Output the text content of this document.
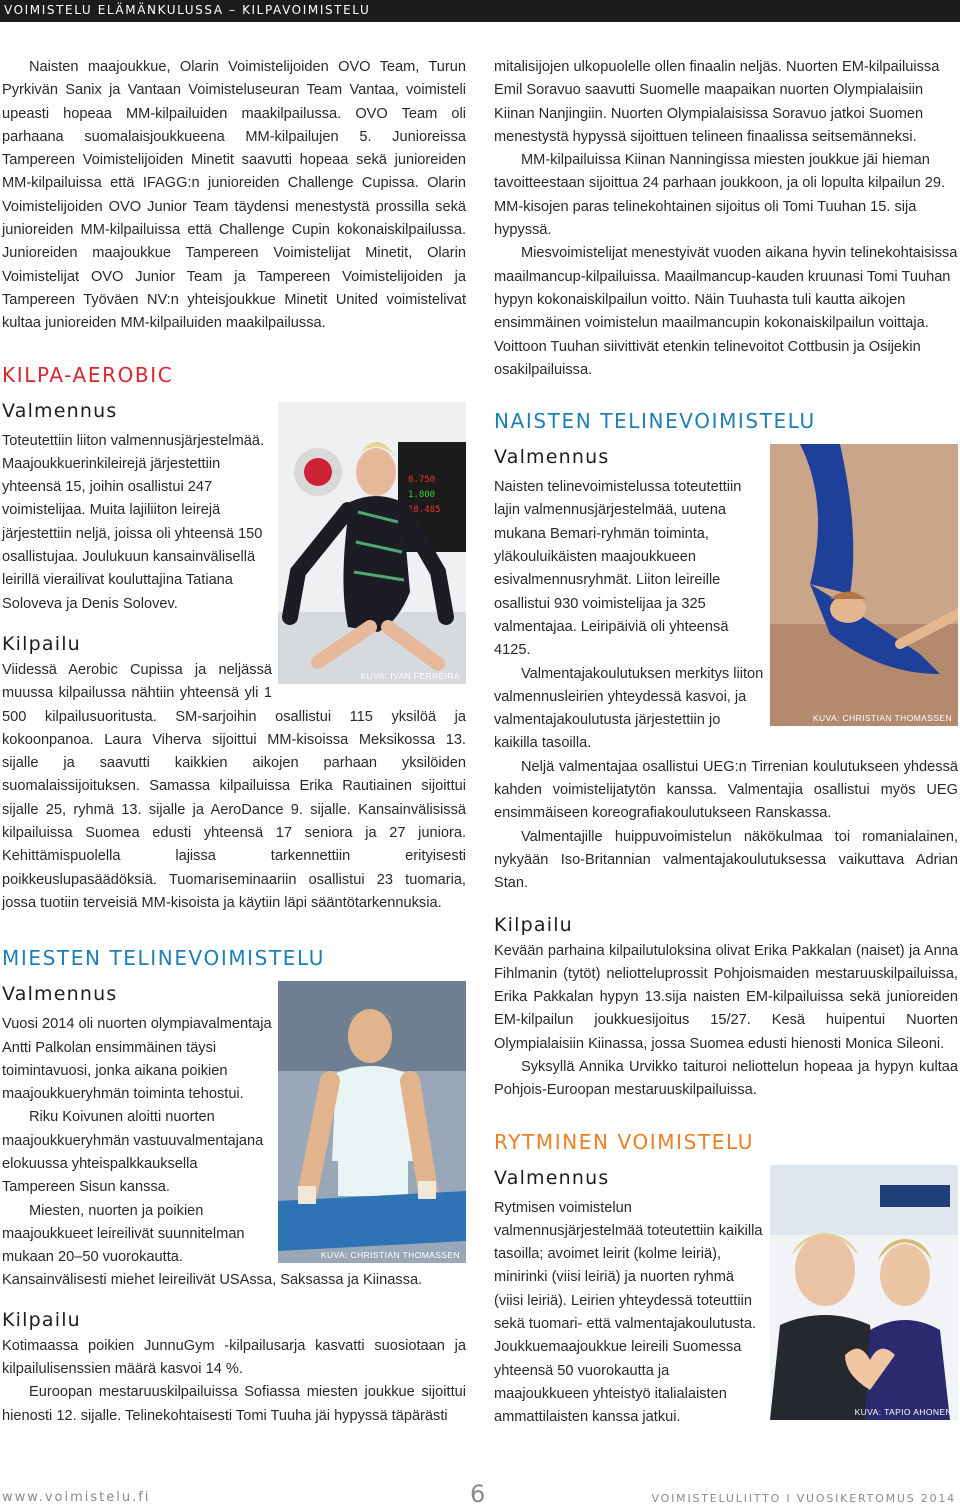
VOIMISTELU ELÄMÄNKULUSSA – KILPAVOIMISTELU

Naisten maajoukkue, Olarin Voimistelijoiden OVO Team, Turun Pyrkivän Sanix ja Vantaan Voimisteluseuran Team Vantaa, voimisteli upeasti hopeaa MM-kilpailuiden maakilpailussa. OVO Team oli parhaana suomalaisjoukkueena MM-kilpailujen 5. Junioreissa Tampereen Voimistelijoiden Minetit saavutti hopeaa sekä junioreiden MM-kilpailuissa että IFAGG:n junioreiden Challenge Cupissa. Olarin Voimistelijoiden OVO Junior Team täydensi menestystä prossilla sekä junioreiden MM-kilpailuissa että Challenge Cupin kokonaiskilpailussa. Junioreiden maajoukkue Tampereen Voimistelijat Minetit, Olarin Voimistelijat OVO Junior Team ja Tampereen Voimistelijoiden ja Tampereen Työväen NV:n yhteisjoukkue Minetit United voimistelivat kultaa junioreiden MM-kilpailuiden maakilpailussa.

KILPA-AEROBIC
Valmennus
8.750
1.800
18.485
KUVA: IVAN FERREIRA

Toteutettiin liiton valmennusjärjestelmää. Maajoukkuerinkileirejä järjestettiin yhteensä 15, joihin osallistui 247 voimistelijaa. Muita lajiliiton leirejä järjestettiin neljä, joissa oli yhteensä 150 osallistujaa. Joulukuun kansainvälisellä leirillä vierailivat kouluttajina Tatiana Soloveva ja Denis Solovev.

Kilpailu

Viidessä Aerobic Cupissa ja neljässä muussa kilpailussa nähtiin yhteensä yli 1 500 kilpailusuoritusta. SM-sarjoihin osallistui 115 yksilöä ja kokoonpanoa. Laura Viherva sijoittui MM-kisoissa Meksikossa 13. sijalle ja saavutti kaikkien aikojen parhaan yksilöiden suomalaissijoituksen. Samassa kilpailuissa Erika Rautiainen sijoittui sijalle 25, ryhmä 13. sijalle ja AeroDance 9. sijalle. Kansainvälisissä kilpailuissa Suomea edusti yhteensä 17 seniora ja 27 juniora. Kehittämispuolella lajissa tarkennettiin erityisesti poikkeuslupasäädöksiä. Tuomariseminaariin osallistui 23 tuomaria, jossa tuotiin terveisiä MM-kisoista ja käytiin läpi sääntötarkennuksia.

MIESTEN TELINEVOIMISTELU
Valmennus
KUVA: CHRISTIAN THOMASSEN

Vuosi 2014 oli nuorten olympiavalmentaja Antti Palkolan ensimmäinen täysi toimintavuosi, jonka aikana poikien maajoukkueryhmän toiminta tehostui.

Riku Koivunen aloitti nuorten maajoukkueryhmän vastuuvalmentajana elokuussa yhteispalkkauksella Tampereen Sisun kanssa.

Miesten, nuorten ja poikien maajoukkueet leireilivät suunnitelman mukaan 20–50 vuorokautta. Kansainvälisesti miehet leireilivät USAssa, Saksassa ja Kiinassa.

Kilpailu

Kotimaassa poikien JunnuGym -kilpailusarja kasvatti suosiotaan ja kilpailulisenssien määrä kasvoi 14 %.

Euroopan mestaruuskilpailuissa Sofiassa miesten joukkue sijoittui hienosti 12. sijalle. Telinekohtaisesti Tomi Tuuha jäi hypyssä täpärästi

mitalisijojen ulkopuolelle ollen finaalin neljäs. Nuorten EM-kilpailuissa Emil Soravuo saavutti Suomelle maapaikan nuorten Olympialaisiin Kiinan Nanjingiin. Nuorten Olympialaisissa Soravuo jatkoi Suomen menestystä hypyssä sijoittuen telineen finaalissa seitsemänneksi.

MM-kilpailuissa Kiinan Nanningissa miesten joukkue jäi hieman tavoitteestaan sijoittua 24 parhaan joukkoon, ja oli lopulta kilpailun 29. MM-kisojen paras telinekohtainen sijoitus oli Tomi Tuuhan 15. sija hypyssä.

Miesvoimistelijat menestyivät vuoden aikana hyvin telinekohtaisissa maailmancup-kilpailuissa. Maailmancup-kauden kruunasi Tomi Tuuhan hypyn kokonaiskilpailun voitto. Näin Tuuhasta tuli kautta aikojen ensimmäinen voimistelun maailmancupin kokonaiskilpailun voittaja. Voittoon Tuuhan siivittivät etenkin telinevoitot Cottbusin ja Osijekin osakilpailuissa.

NAISTEN TELINEVOIMISTELU
Valmennus
KUVA: CHRISTIAN THOMASSEN

Naisten telinevoimistelussa toteutettiin lajin valmennusjärjestelmää, uutena mukana Bemari-ryhmän toiminta, yläkouluikäisten maajoukkueen esivalmennusryhmät. Liiton leireille osallistui 930 voimistelijaa ja 325 valmentajaa. Leiripäiviä oli yhteensä 4125.

Valmentajakoulutuksen merkitys liiton valmennusleirien yhteydessä kasvoi, ja valmentajakoulutusta järjestettiin jo kaikilla tasoilla.

Neljä valmentajaa osallistui UEG:n Tirrenian koulutukseen yhdessä kahden voimistelijatytön kanssa. Valmentajia osallistui myös UEG ensimmäiseen koreografiakoulutukseen Ranskassa.

Valmentajille huippuvoimistelun näkökulmaa toi romanialainen, nykyään Iso-Britannian valmentajakoulutuksessa vaikuttava Adrian Stan.

Kilpailu

Kevään parhaina kilpailutuloksina olivat Erika Pakkalan (naiset) ja Anna Fihlmanin (tytöt) neliotteluprossit Pohjoismaiden mestaruuskilpailuissa, Erika Pakkalan hypyn 13.sija naisten EM-kilpailuissa sekä junioreiden EM-kilpailun joukkuesijoitus 15/27. Kesä huipentui Nuorten Olympialaisiin Kiinassa, jossa Suomea edusti hienosti Monica Sileoni.

Syksyllä Annika Urvikko taituroi neliottelun hopeaa ja hypyn kultaa Pohjois-Euroopan mestaruuskilpailuissa.

RYTMINEN VOIMISTELU
Valmennus
KUVA: TAPIO AHONEN

Rytmisen voimistelun valmennusjärjestelmää toteutettiin kaikilla tasoilla; avoimet leirit (kolme leiriä), minirinki (viisi leiriä) ja nuorten ryhmä (viisi leiriä). Leirien yhteydessä toteuttiin sekä tuomari- että valmentajakoulutusta. Joukkuemaajoukkue leireili Suomessa yhteensä 50 vuorokautta ja maajoukkueen yhteistyö italialaisten ammattilaisten kanssa jatkui.

www.voimistelu.fi	6	VOIMISTELULIITTO I VUOSIKERTOMUS 2014
